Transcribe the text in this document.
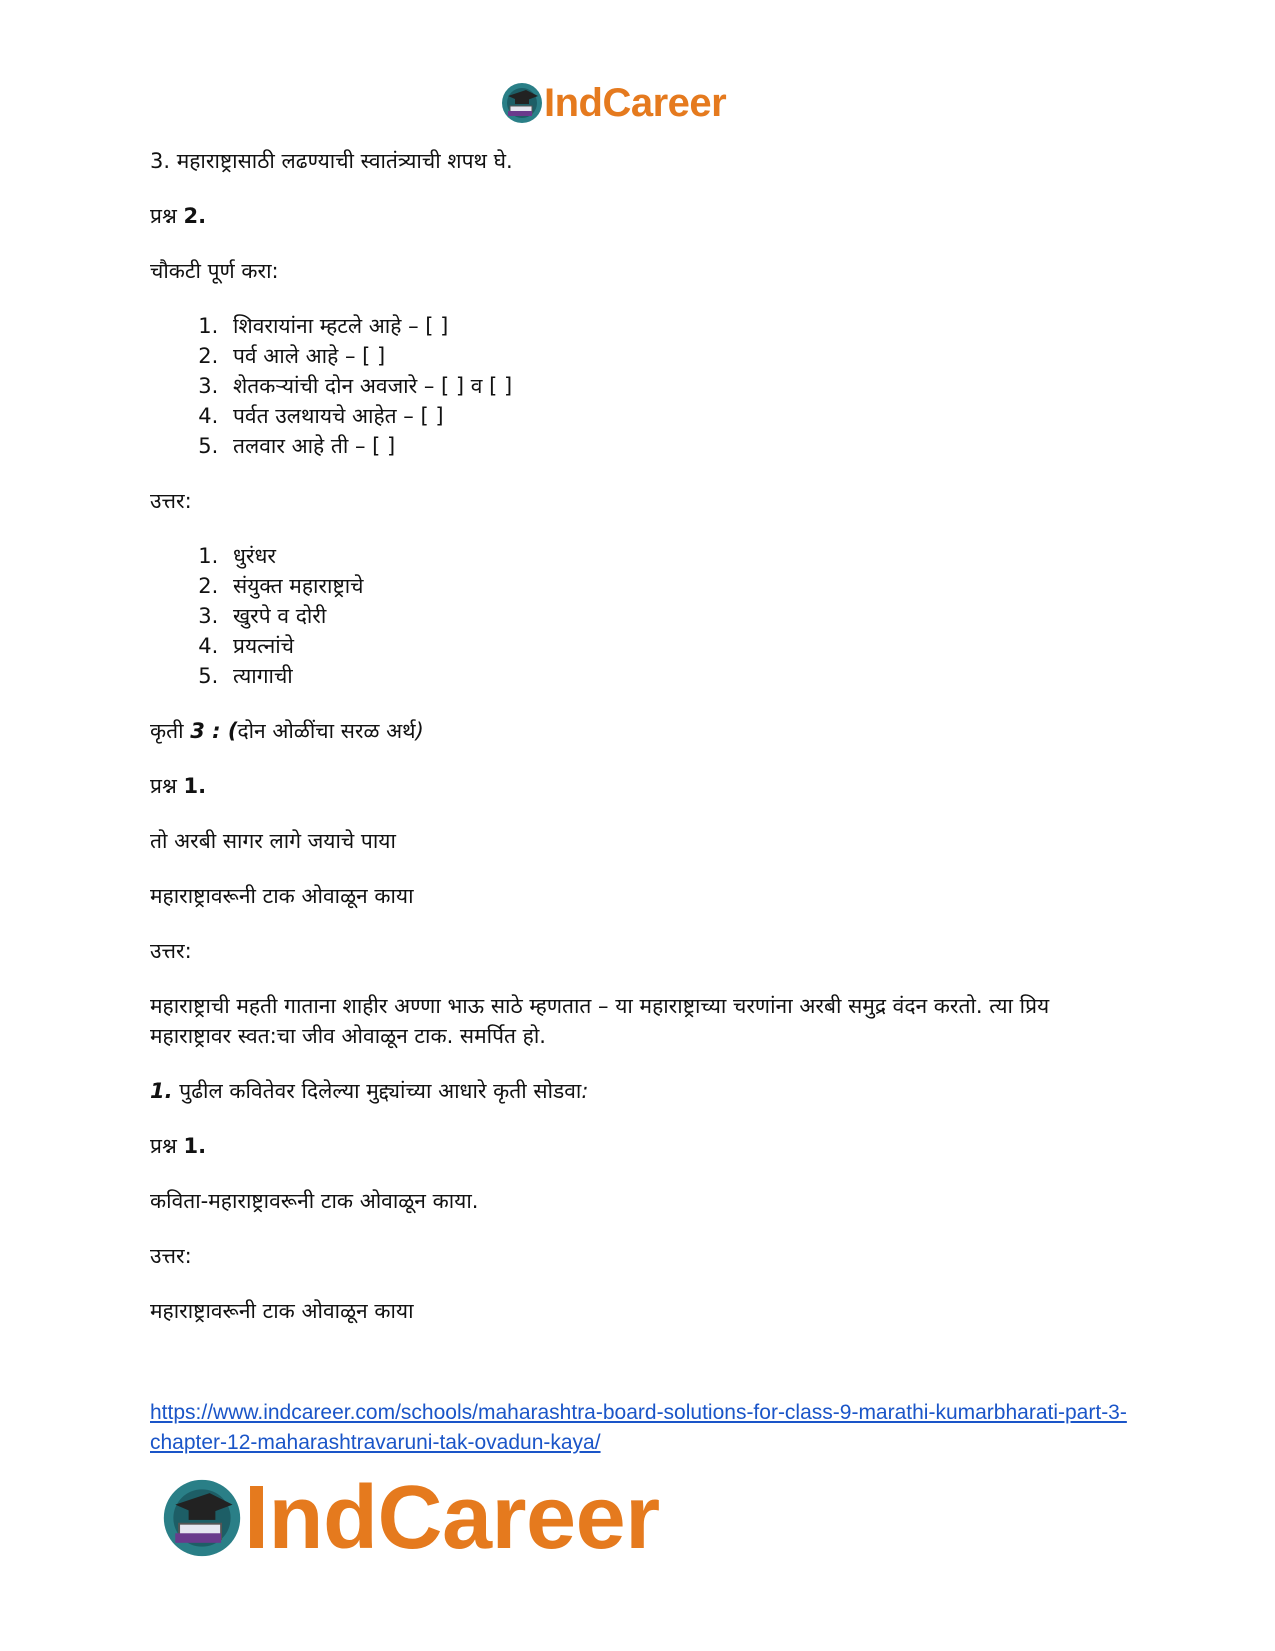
IndCareer

3. महाराष्ट्रासाठी लढण्याची स्वातंत्र्याची शपथ घे.

प्रश्न 2.

चौकटी पूर्ण करा:

1. शिवरायांना म्हटले आहे – [ ]
2. पर्व आले आहे – [ ]
3. शेतकऱ्यांची दोन अवजारे – [ ] व [ ]
4. पर्वत उलथायचे आहेत – [ ]
5. तलवार आहे ती – [ ]

उत्तर:

1. धुरंधर
2. संयुक्त महाराष्ट्राचे
3. खुरपे व दोरी
4. प्रयत्नांचे
5. त्यागाची

कृती 3 : (दोन ओळींचा सरळ अर्थ)

प्रश्न 1.

तो अरबी सागर लागे जयाचे पाया

महाराष्ट्रावरूनी टाक ओवाळून काया

उत्तर:

महाराष्ट्राची महती गाताना शाहीर अण्णा भाऊ साठे म्हणतात – या महाराष्ट्राच्या चरणांना अरबी समुद्र वंदन करतो. त्या प्रिय महाराष्ट्रावर स्वत:चा जीव ओवाळून टाक. समर्पित हो.

1. पुढील कवितेवर दिलेल्या मुद्द्यांच्या आधारे कृती सोडवा:

प्रश्न 1.

कविता-महाराष्ट्रावरूनी टाक ओवाळून काया.

उत्तर:

महाराष्ट्रावरूनी टाक ओवाळून काया

https://www.indcareer.com/schools/maharashtra-board-solutions-for-class-9-marathi-kumarbharati-part-3-chapter-12-maharashtravaruni-tak-ovadun-kaya/
IndCareer
